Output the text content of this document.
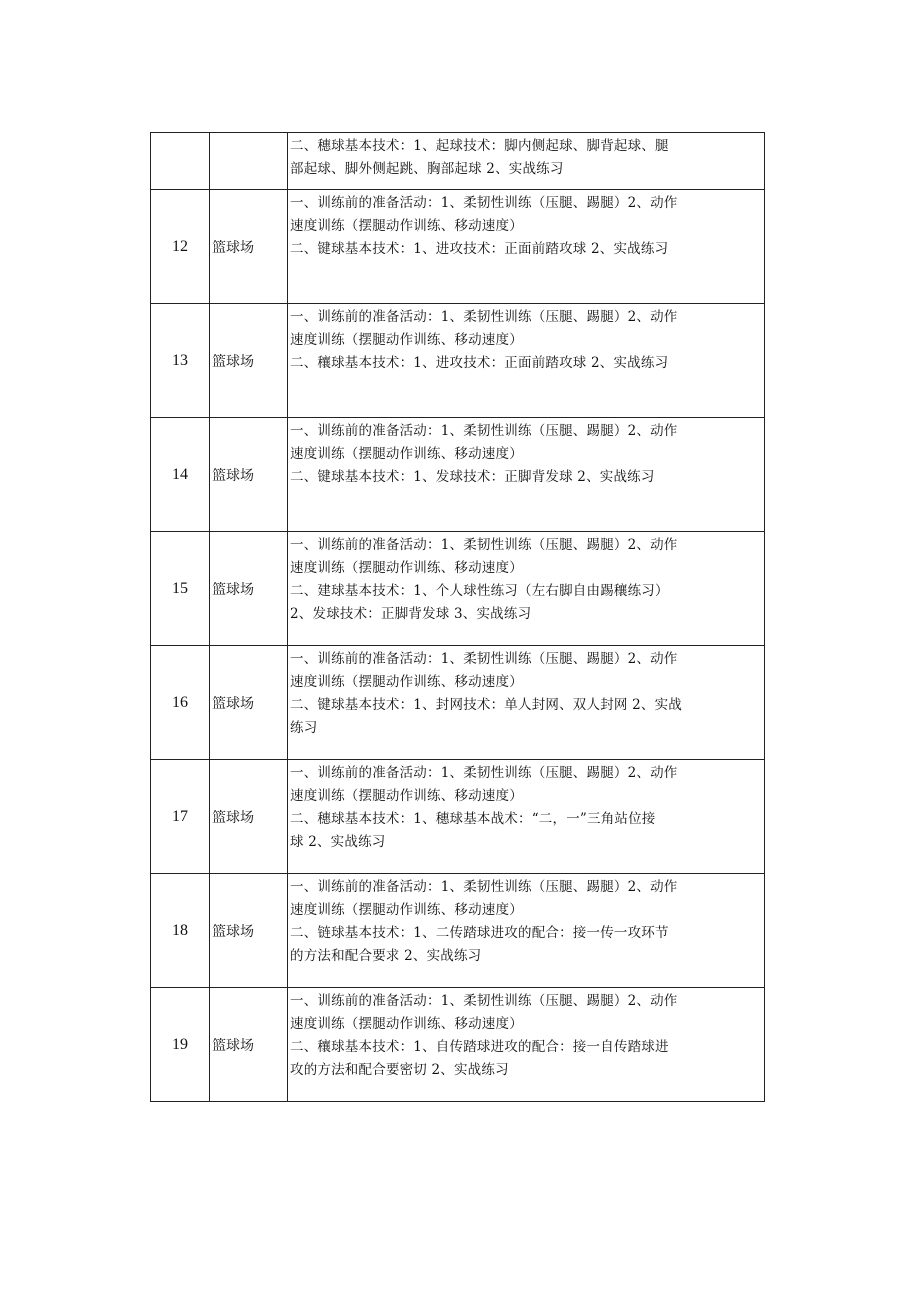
		二、穗球基本技术：1、起球技术：脚内侧起球、脚背起球、腿
部起球、脚外侧起跳、胸部起球 2、实战练习

12	篮球场	一、训练前的准备活动：1、柔韧性训练（压腿、踢腿）2、动作
速度训练（摆腿动作训练、移动速度）
二、键球基本技术：1、进攻技术：正面前踏攻球 2、实战练习

13	篮球场	一、训练前的准备活动：1、柔韧性训练（压腿、踢腿）2、动作
速度训练（摆腿动作训练、移动速度）
二、穰球基本技术：1、进攻技术：正面前踏攻球 2、实战练习

14	篮球场	一、训练前的准备活动：1、柔韧性训练（压腿、踢腿）2、动作
速度训练（摆腿动作训练、移动速度）
二、键球基本技术：1、发球技术：正脚背发球 2、实战练习

15	篮球场	一、训练前的准备活动：1、柔韧性训练（压腿、踢腿）2、动作
速度训练（摆腿动作训练、移动速度）
二、建球基本技术：1、个人球性练习（左右脚自由踢穰练习）
2、发球技术：正脚背发球 3、实战练习

16	篮球场	一、训练前的准备活动：1、柔韧性训练（压腿、踢腿）2、动作
速度训练（摆腿动作训练、移动速度）
二、键球基本技术：1、封网技术：单人封网、双人封网 2、实战
练习

17	篮球场	一、训练前的准备活动：1、柔韧性训练（压腿、踢腿）2、动作
速度训练（摆腿动作训练、移动速度）
二、穗球基本技术：1、穗球基本战术：“二，一”三角站位接
球 2、实战练习

18	篮球场	一、训练前的准备活动：1、柔韧性训练（压腿、踢腿）2、动作
速度训练（摆腿动作训练、移动速度）
二、链球基本技术：1、二传踏球进攻的配合：接一传一攻环节
的方法和配合要求 2、实战练习

19	篮球场	一、训练前的准备活动：1、柔韧性训练（压腿、踢腿）2、动作
速度训练（摆腿动作训练、移动速度）
二、穰球基本技术：1、自传踏球进攻的配合：接一自传踏球进
攻的方法和配合要密切 2、实战练习
